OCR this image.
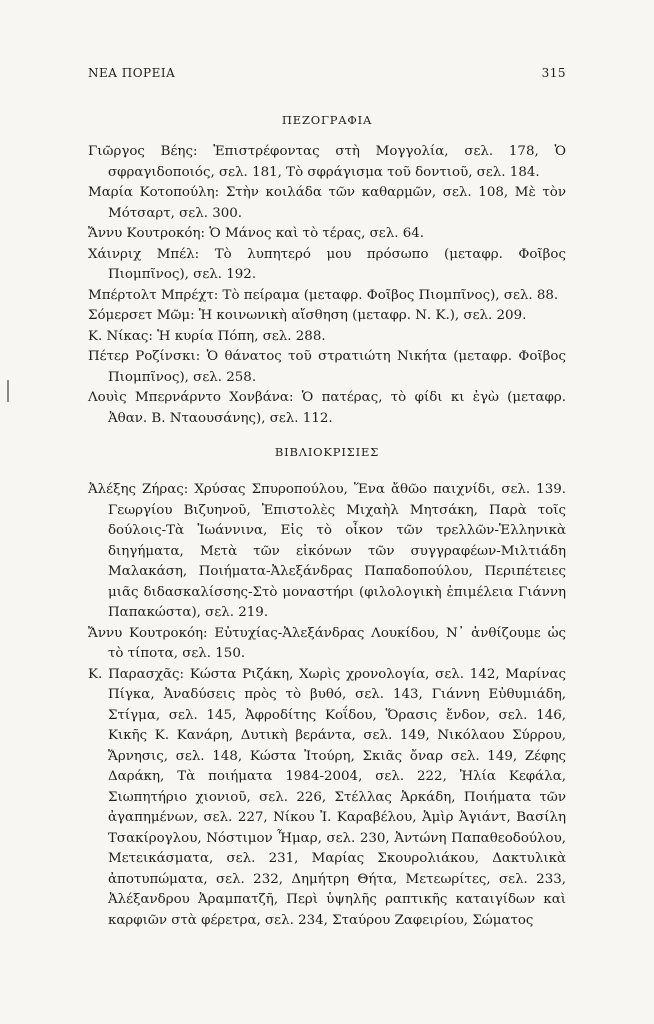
ΝΕΑ ΠΟΡΕΙΑ	315
ΠΕΖΟΓΡΑΦΙΑ
Γιῶργος Βέης: Ἐπιστρέφοντας στὴ Μογγολία, σελ. 178, Ὁ σφραγιδοποιός, σελ. 181, Τὸ σφράγισμα τοῦ δοντιοῦ, σελ. 184.
Μαρία Κοτοπούλη: Στὴν κοιλάδα τῶν καθαρμῶν, σελ. 108, Μὲ τὸν Μότσαρτ, σελ. 300.
Ἄννυ Κουτροκόη: Ὁ Μάνος καὶ τὸ τέρας, σελ. 64.
Χάινριχ Μπέλ: Τὸ λυπητερό μου πρόσωπο (μεταφρ. Φοῖβος Πιομπῖνος), σελ. 192.
Μπέρτολτ Μπρέχτ: Τὸ πείραμα (μεταφρ. Φοῖβος Πιομπῖνος), σελ. 88.
Σόμερσετ Μῶμ: Ἡ κοινωνικὴ αἴσθηση (μεταφρ. Ν. Κ.), σελ. 209.
Κ. Νίκας: Ἡ κυρία Πόπη, σελ. 288.
Πέτερ Ροζίνσκι: Ὁ θάνατος τοῦ στρατιώτη Νικήτα (μεταφρ. Φοῖβος Πιομπῖνος), σελ. 258.
Λουὶς Μπερνάρντο Χονβάνα: Ὁ πατέρας, τὸ φίδι κι ἐγὼ (μεταφρ. Ἀθαν. Β. Νταουσάνης), σελ. 112.
ΒΙΒΛΙΟΚΡΙΣΙΕΣ
Ἀλέξης Ζήρας: Χρύσας Σπυροπούλου, Ἕνα ἄθῶο παιχνίδι, σελ. 139. Γεωργίου Βιζυηνοῦ, Ἐπιστολὲς Μιχαὴλ Μητσάκη, Παρὰ τοῖς δούλοις-Τὰ Ἰωάννινα, Εἰς τὸ οἶκον τῶν τρελλῶν-Ἑλληνικὰ διηγήματα, Μετὰ τῶν εἰκόνων τῶν συγγραφέων-Μιλτιάδη Μαλακάση, Ποιήματα-Ἀλεξάνδρας Παπαδοπούλου, Περιπέτειες μιᾶς διδασκαλίσσης-Στὸ μοναστήρι (φιλολογικὴ ἐπιμέλεια Γιάννη Παπακώστα), σελ. 219.
Ἄννυ Κουτροκόη: Εὐτυχίας-Ἀλεξάνδρας Λουκίδου, Ν᾽ ἀνθίζουμε ὡς τὸ τίποτα, σελ. 150.
Κ. Παρασχᾶς: Κώστα Ριζάκη, Χωρὶς χρονολογία, σελ. 142, Μαρίνας Πίγκα, Ἀναδύσεις πρὸς τὸ βυθό, σελ. 143, Γιάννη Εὐθυμιάδη, Στίγμα, σελ. 145, Ἀφροδίτης Κοΐδου, Ὅρασις ἔνδον, σελ. 146, Κικῆς Κ. Κανάρη, Δυτικὴ βεράντα, σελ. 149, Νικόλαου Σύρρου, Ἄρνησις, σελ. 148, Κώστα Ἰτούρη, Σκιᾶς ὄναρ σελ. 149, Ζέφης Δαράκη, Τὰ ποιήματα 1984-2004, σελ. 222, Ἠλία Κεφάλα, Σιωπητήριο χιονιοῦ, σελ. 226, Στέλλας Ἀρκάδη, Ποιήματα τῶν ἀγαπημένων, σελ. 227, Νίκου Ἰ. Καραβέλου, Ἀμὶρ Ἀγιάντ, Βασίλη Τσακίρογλου, Νόστιμον Ἦμαρ, σελ. 230, Ἀντώνη Παπαθεοδούλου, Μετεικάσματα, σελ. 231, Μαρίας Σκουρολιάκου, Δακτυλικὰ ἀποτυπώματα, σελ. 232, Δημήτρη Θήτα, Μετεωρίτες, σελ. 233, Ἀλέξανδρου Ἀραμπατζῆ, Περὶ ὑψηλῆς ραπτικῆς καταιγίδων καὶ καρφιῶν στὰ φέρετρα, σελ. 234, Σταύρου Ζαφειρίου, Σώματος
